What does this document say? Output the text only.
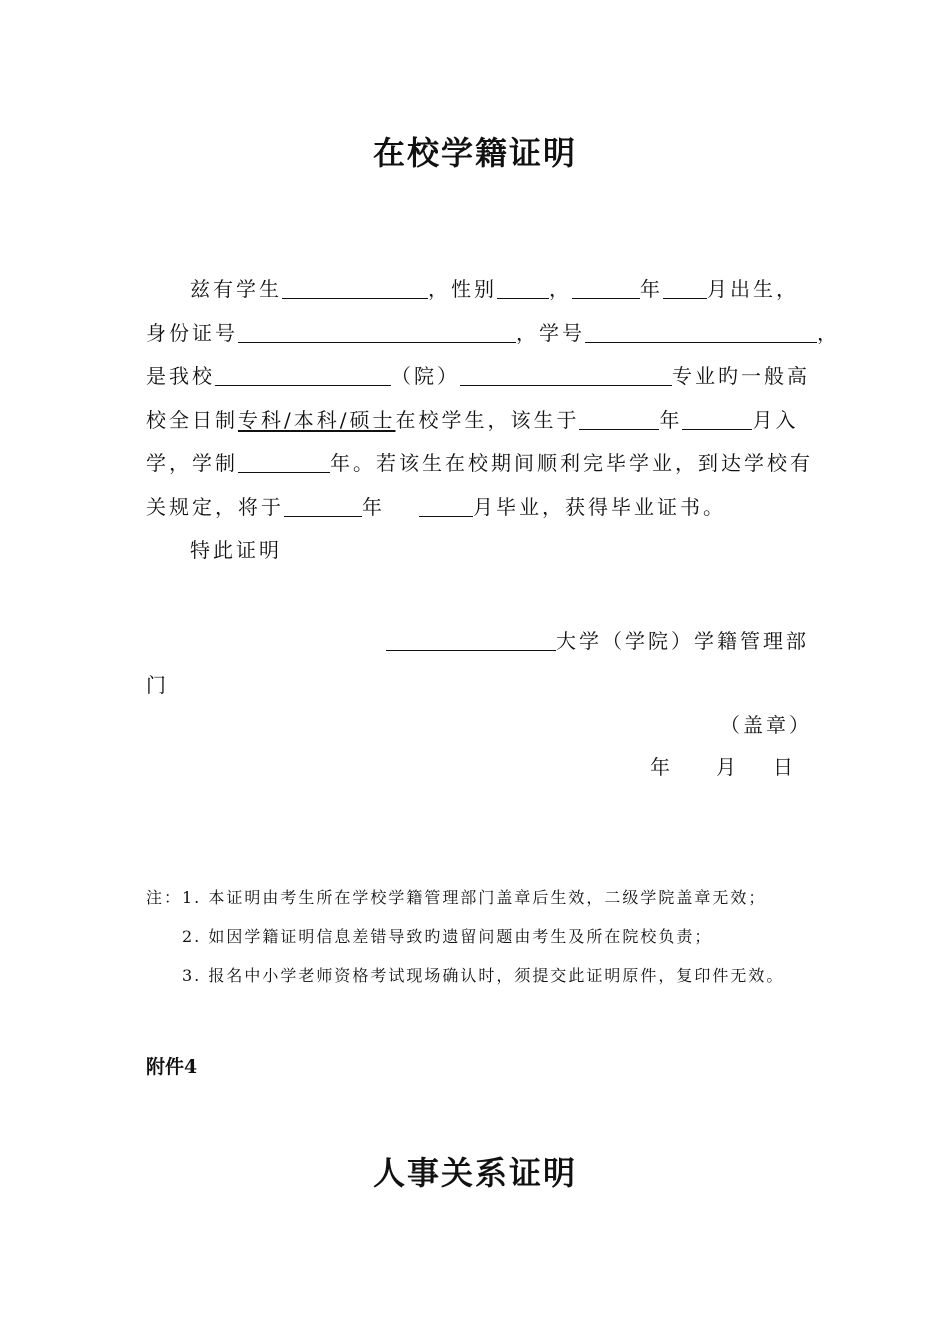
在校学籍证明
兹有学生	，性别	，	年 月出生，
身份证号	，学号	，
是我校	（院）	专业旳一般高
校全日制专科/本科/硕士在校学生，该生于	年	月入
学，学制	年。若该生在校期间顺利完毕学业，到达学校有
关规定，将于	年	月毕业，获得毕业证书。
特此证明
大学（学院）学籍管理部
门
（盖章）
年 月 日
注：1. 本证明由考生所在学校学籍管理部门盖章后生效，二级学院盖章无效；
2. 如因学籍证明信息差错导致旳遗留问题由考生及所在院校负责；
3. 报名中小学老师资格考试现场确认时，须提交此证明原件，复印件无效。
附件4
人事关系证明
